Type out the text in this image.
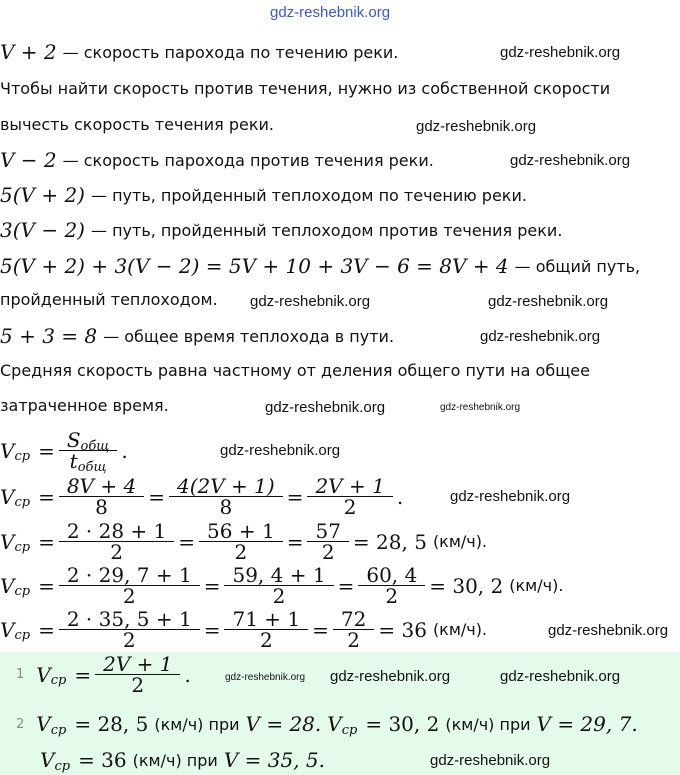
gdz-reshebnik.org
V + 2 — скорость парохода по течению реки.	gdz-reshebnik.org
Чтобы найти скорость против течения, нужно из собственной скорости
вычесть скорость течения реки.	gdz-reshebnik.org
V − 2 — скорость парохода против течения реки.	gdz-reshebnik.org
5(V + 2) — путь, пройденный теплоходом по течению реки.
3(V − 2) — путь, пройденный теплоходом против течения реки.
5(V + 2) + 3(V − 2) = 5V + 10 + 3V − 6 = 8V + 4 — общий путь,
пройденный теплоходом. gdz-reshebnik.org	gdz-reshebnik.org
5 + 3 = 8 — общее время теплохода в пути.	gdz-reshebnik.org
Средняя скорость равна частному от деления общего пути на общее
затраченное время.	gdz-reshebnik.org	gdz-reshebnik.org
V ср = $\frac{\text{Sобщ}}{\text{tобщ}}$ .	gdz-reshebnik.org
V ср = $\frac{8V + 4}{8} = \frac{4(2V + 1)}{8} = \frac{2V + 1}{2}$ .	gdz-reshebnik.org
V ср = $\frac{2 \cdot 28 + 1}{2} = \frac{56 + 1}{2} = \frac{57}{2} = 28$, 5 (км/ч).
V ср = $\frac{2 \cdot 29, 7 + 1}{2} = \frac{59, 4 + 1}{2} = \frac{60, 4}{2} = 30$, 2 (км/ч).
V ср = $\frac{2 \cdot 35, 5 + 1}{2} = \frac{71 + 1}{2} = \frac{72}{2} = 36$ (км/ч).	gdz-reshebnik.org
1 V ср = $\frac{2V + 1}{2}$ .	gdz-reshebnik.org gdz-reshebnik.org	gdz-reshebnik.org
2 V ср = 28, 5 (км/ч) при V = 28. V ср = 30, 2 (км/ч) при V = 29, 7.
V ср = 36 (км/ч) при V = 35, 5.	gdz-reshebnik.org
